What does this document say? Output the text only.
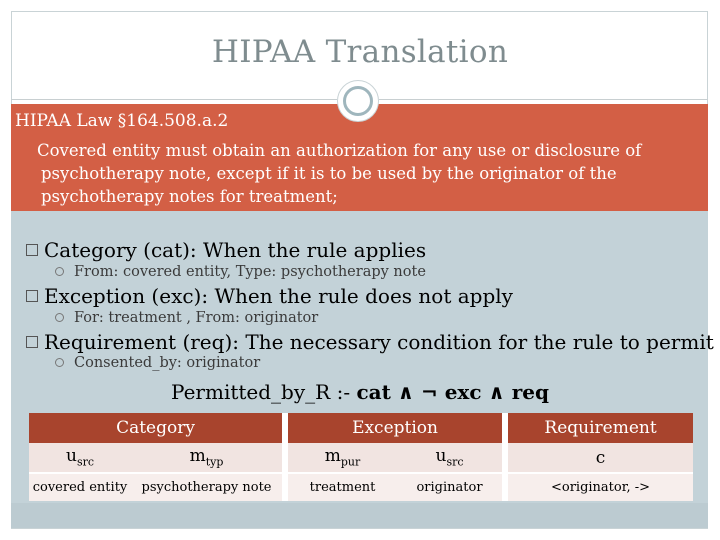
HIPAA Translation
HIPAA Law §164.508.a.2
Covered entity must obtain an authorization for any use or disclosure of psychotherapy note, except if it is to be used by the originator of the psychotherapy notes for treatment;
Category (cat): When the rule applies
From: covered entity, Type: psychotherapy note
Exception (exc): When the rule does not apply
For: treatment , From: originator
Requirement (req): The necessary condition for the rule to permit
Consented_by: originator
Permitted_by_R :- cat ∧ ¬ exc ∧ req
Category			Exception			Requirement
$u_{src}$	$m_{typ}$		$m_{pur}$	$u_{src}$		c
covered entity	psychotherapy note		treatment	originator		<originator, ->
